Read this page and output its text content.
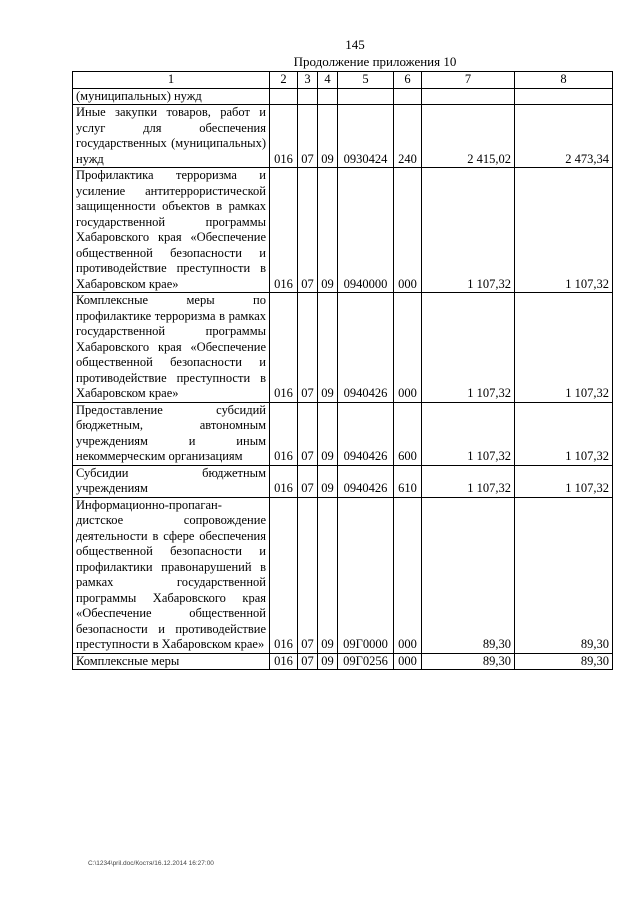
145
Продолжение приложения 10
1	2	3	4	5	6	7	8
(муниципальных) нужд							
Иные закупки товаров, работ и услуг для обеспечения государственных (муниципальных) нужд	016	07	09	0930424	240	2 415,02	2 473,34
Профилактика терроризма и усиление антитеррористической защищенности объектов в рамках государственной программы Хабаровского края «Обеспечение общественной безопасности и противодействие преступности в Хабаровском крае»	016	07	09	0940000	000	1 107,32	1 107,32
Комплексные меры по профилактике терроризма в рамках государственной программы Хабаровского края «Обеспечение общественной безопасности и противодействие преступности в Хабаровском крае»	016	07	09	0940426	000	1 107,32	1 107,32
Предоставление субсидий бюджетным, автономным учреждениям и иным некоммерческим организациям	016	07	09	0940426	600	1 107,32	1 107,32
Субсидии бюджетным учреждениям	016	07	09	0940426	610	1 107,32	1 107,32
Информационно-пропаган-дистское сопровождение деятельности в сфере обеспечения общественной безопасности и профилактики правонарушений в рамках государственной программы Хабаровского края «Обеспечение общественной безопасности и противодействие преступности в Хабаровском крае»	016	07	09	09Г0000	000	89,30	89,30
Комплексные меры	016	07	09	09Г0256	000	89,30	89,30
C:\1234\pril.doc/Костя/16.12.2014 16:27:00
